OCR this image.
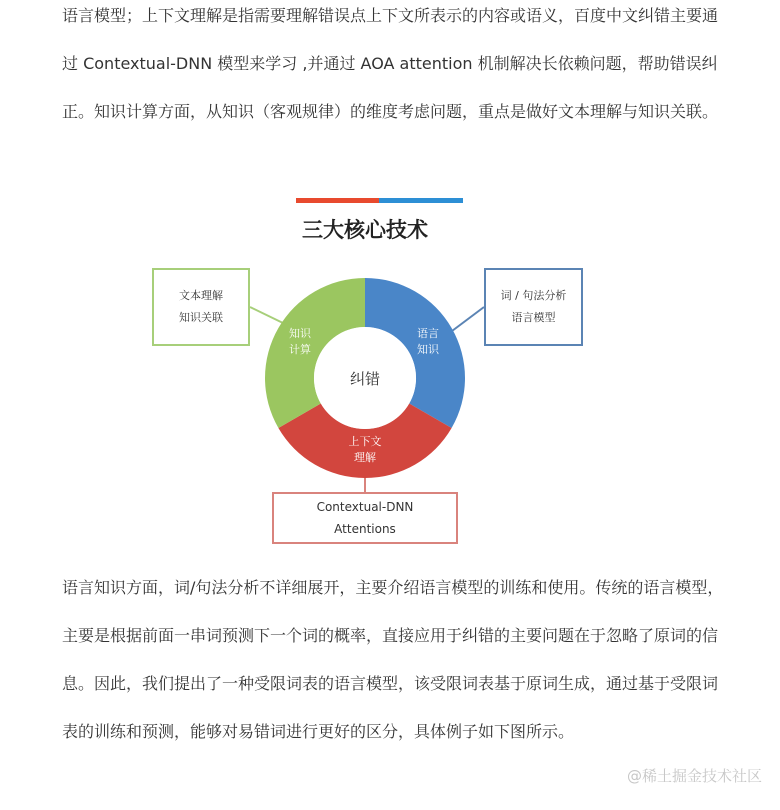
语言模型；上下文理解是指需要理解错误点上下文所表示的内容或语义，百度中文纠错主要通过 Contextual-DNN 模型来学习 ,并通过 AOA attention 机制解决长依赖问题，帮助错误纠正。知识计算方面，从知识（客观规律）的维度考虑问题，重点是做好文本理解与知识关联。

三大核心技术
纠错
知识
计算
语言
知识
上下文
理解
文本理解
知识关联
词 / 句法分析
语言模型
Contextual-DNN
Attentions

语言知识方面，词/句法分析不详细展开，主要介绍语言模型的训练和使用。传统的语言模型，主要是根据前面一串词预测下一个词的概率，直接应用于纠错的主要问题在于忽略了原词的信息。因此，我们提出了一种受限词表的语言模型，该受限词表基于原词生成，通过基于受限词表的训练和预测，能够对易错词进行更好的区分，具体例子如下图所示。

@稀土掘金技术社区
